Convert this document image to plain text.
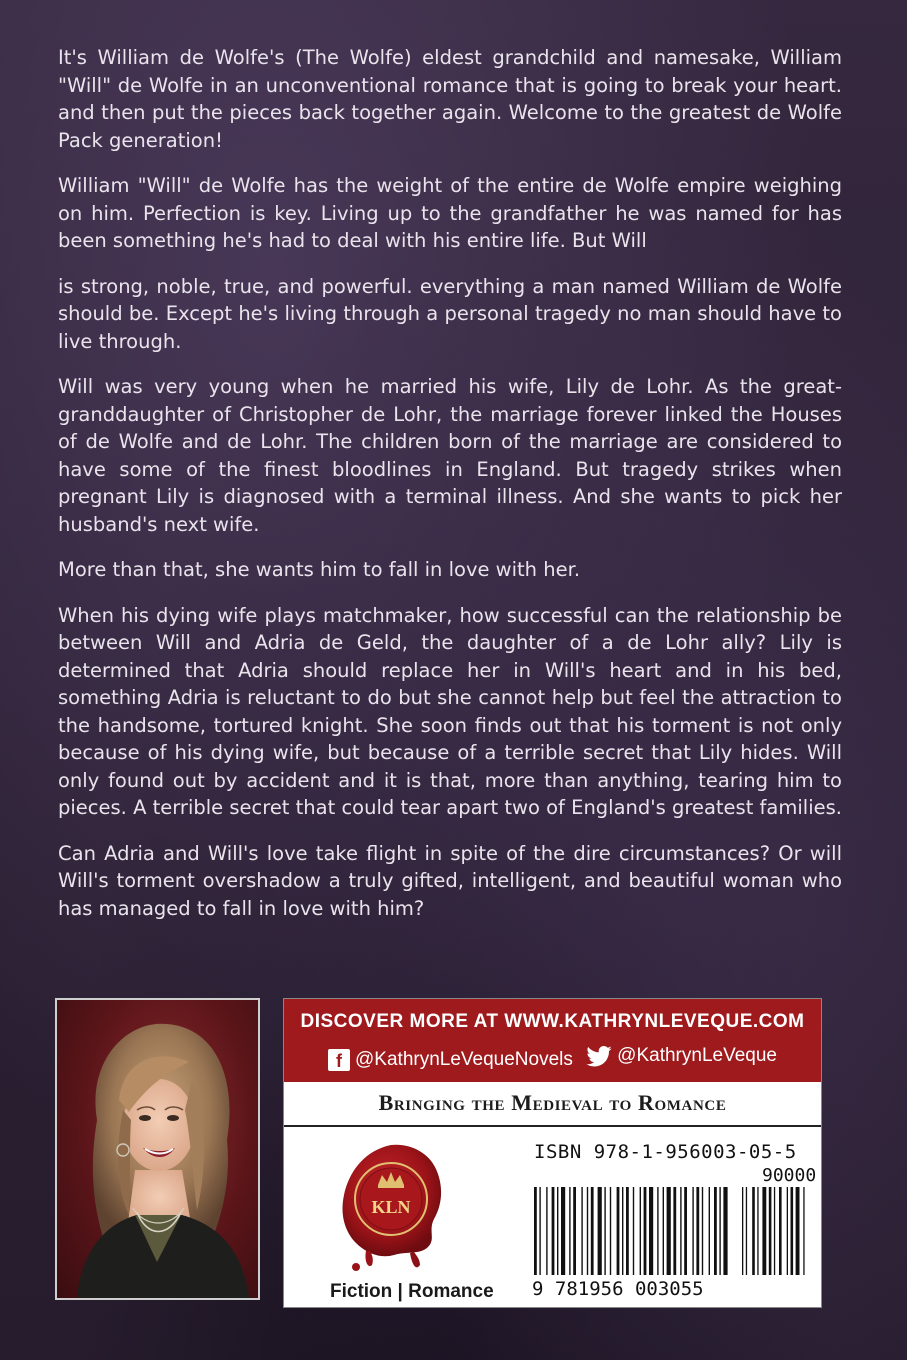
It's William de Wolfe's (The Wolfe) eldest grandchild and namesake, William "Will" de Wolfe in an unconventional romance that is going to break your heart. and then put the pieces back together again. Welcome to the greatest de Wolfe Pack generation!

William "Will" de Wolfe has the weight of the entire de Wolfe empire weighing on him. Perfection is key. Living up to the grandfather he was named for has been something he's had to deal with his entire life. But Will

is strong, noble, true, and powerful. everything a man named William de Wolfe should be. Except he's living through a personal tragedy no man should have to live through.

Will was very young when he married his wife, Lily de Lohr. As the great-granddaughter of Christopher de Lohr, the marriage forever linked the Houses of de Wolfe and de Lohr. The children born of the marriage are considered to have some of the finest bloodlines in England. But tragedy strikes when pregnant Lily is diagnosed with a terminal illness. And she wants to pick her husband's next wife.

More than that, she wants him to fall in love with her.

When his dying wife plays matchmaker, how successful can the relationship be between Will and Adria de Geld, the daughter of a de Lohr ally? Lily is determined that Adria should replace her in Will's heart and in his bed, something Adria is reluctant to do but she cannot help but feel the attraction to the handsome, tortured knight. She soon finds out that his torment is not only because of his dying wife, but because of a terrible secret that Lily hides. Will only found out by accident and it is that, more than anything, tearing him to pieces. A terrible secret that could tear apart two of England's greatest families.

Can Adria and Will's love take flight in spite of the dire circumstances? Or will Will's torment overshadow a truly gifted, intelligent, and beautiful woman who has managed to fall in love with him?

DISCOVER MORE AT WWW.KATHRYNLEVEQUE.COM
f @KathrynLeVequeNovels
@KathrynLeVeque
Bringing the Medieval to Romance
KLN
Fiction | Romance
ISBN 978-1-956003-05-5
90000
9 781956 003055
